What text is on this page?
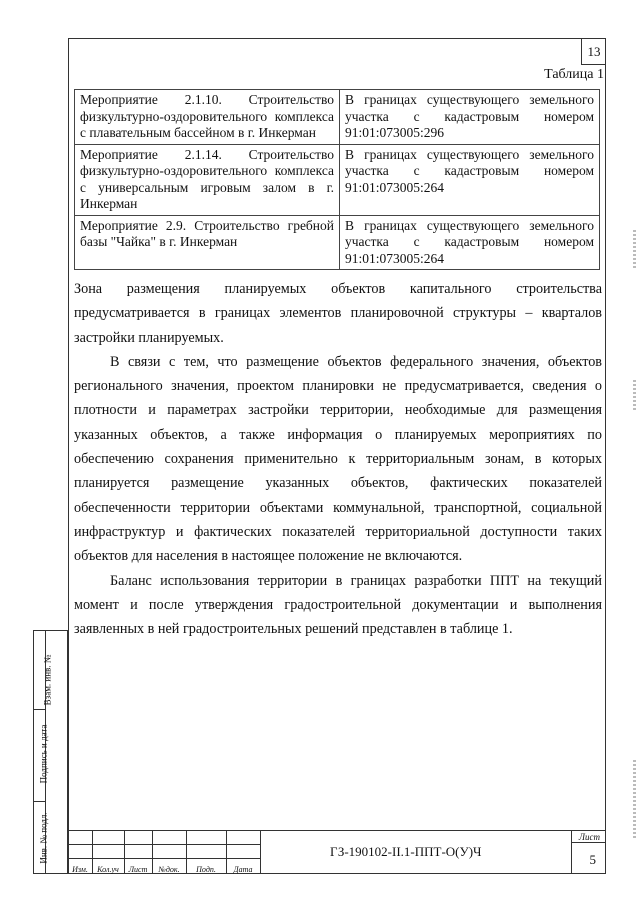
13
Таблица 1
Мероприятие 2.1.10. Строительство физкультурно-оздоровительного комплекса с плавательным бассейном в г. Инкерман	В границах существующего земельного участка с кадастровым номером 91:01:073005:296
Мероприятие 2.1.14. Строительство физкультурно-оздоровительного комплекса с универсальным игровым залом в г. Инкерман	В границах существующего земельного участка с кадастровым номером 91:01:073005:264
Мероприятие 2.9. Строительство гребной базы "Чайка" в г. Инкерман	В границах существующего земельного участка с кадастровым номером 91:01:073005:264

Зона размещения планируемых объектов капитального строительства предусматривается в границах элементов планировочной структуры – кварталов застройки планируемых.

В связи с тем, что размещение объектов федерального значения, объектов регионального значения, проектом планировки не предусматривается, сведения о плотности и параметрах застройки территории, необходимые для размещения указанных объектов, а также информация о планируемых мероприятиях по обеспечению сохранения применительно к территориальным зонам, в которых планируется размещение указанных объектов, фактических показателей обеспеченности территории объектами коммунальной, транспортной, социальной инфраструктур и фактических показателей территориальной доступности таких объектов для населения в настоящее положение не включаются.

Баланс использования территории в границах разработки ППТ на текущий момент и после утверждения градостроительной документации и выполнения заявленных в ней градостроительных решений представлен в таблице 1.

Взам. инв. №
Подпись и дата
Инв. № подл.
Изм.	Кол.уч	Лист	№док.	Подп.	Дата
ГЗ-190102-II.1-ППТ-О(У)Ч
Лист
5
